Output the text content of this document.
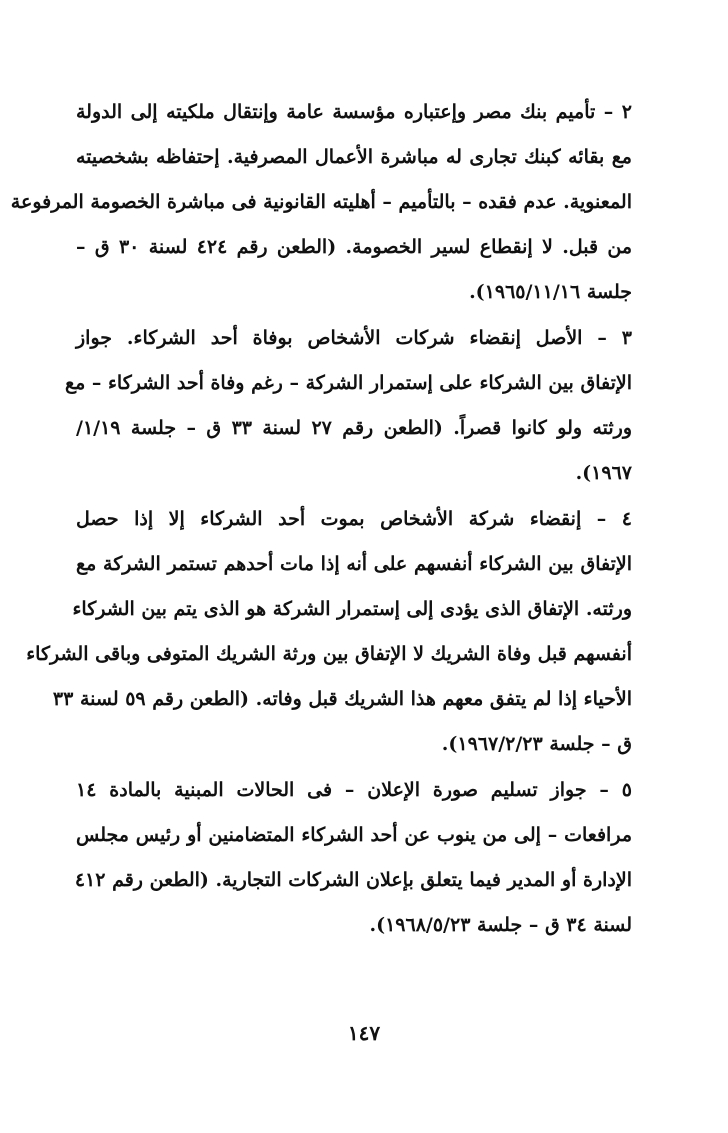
٢ – تأميم بنك مصر وإعتباره مؤسسة عامة وإنتقال ملكيته إلى الدولة
مع بقائه كبنك تجارى له مباشرة الأعمال المصرفية. إحتفاظه بشخصيته
المعنوية. عدم فقده – بالتأميم – أهليته القانونية فى مباشرة الخصومة المرفوعة
من قبل. لا إنقطاع لسير الخصومة. (الطعن رقم ٤٢٤ لسنة ٣٠ ق –
جلسة ١٩٦٥/١١/١٦).
٣ – الأصل إنقضاء شركات الأشخاص بوفاة أحد الشركاء. جواز
الإتفاق بين الشركاء على إستمرار الشركة – رغم وفاة أحد الشركاء – مع
ورثته ولو كانوا قصراً. (الطعن رقم ٢٧ لسنة ٣٣ ق – جلسة ١/١٩/
١٩٦٧).
٤ – إنقضاء شركة الأشخاص بموت أحد الشركاء إلا إذا حصل
الإتفاق بين الشركاء أنفسهم على أنه إذا مات أحدهم تستمر الشركة مع
ورثته. الإتفاق الذى يؤدى إلى إستمرار الشركة هو الذى يتم بين الشركاء
أنفسهم قبل وفاة الشريك لا الإتفاق بين ورثة الشريك المتوفى وباقى الشركاء
الأحياء إذا لم يتفق معهم هذا الشريك قبل وفاته. (الطعن رقم ٥٩ لسنة ٣٣
ق – جلسة ١٩٦٧/٢/٢٣).
٥ – جواز تسليم صورة الإعلان – فى الحالات المبنية بالمادة ١٤
مرافعات – إلى من ينوب عن أحد الشركاء المتضامنين أو رئيس مجلس
الإدارة أو المدير فيما يتعلق بإعلان الشركات التجارية. (الطعن رقم ٤١٢
لسنة ٣٤ ق – جلسة ١٩٦٨/٥/٢٣).
١٤٧
